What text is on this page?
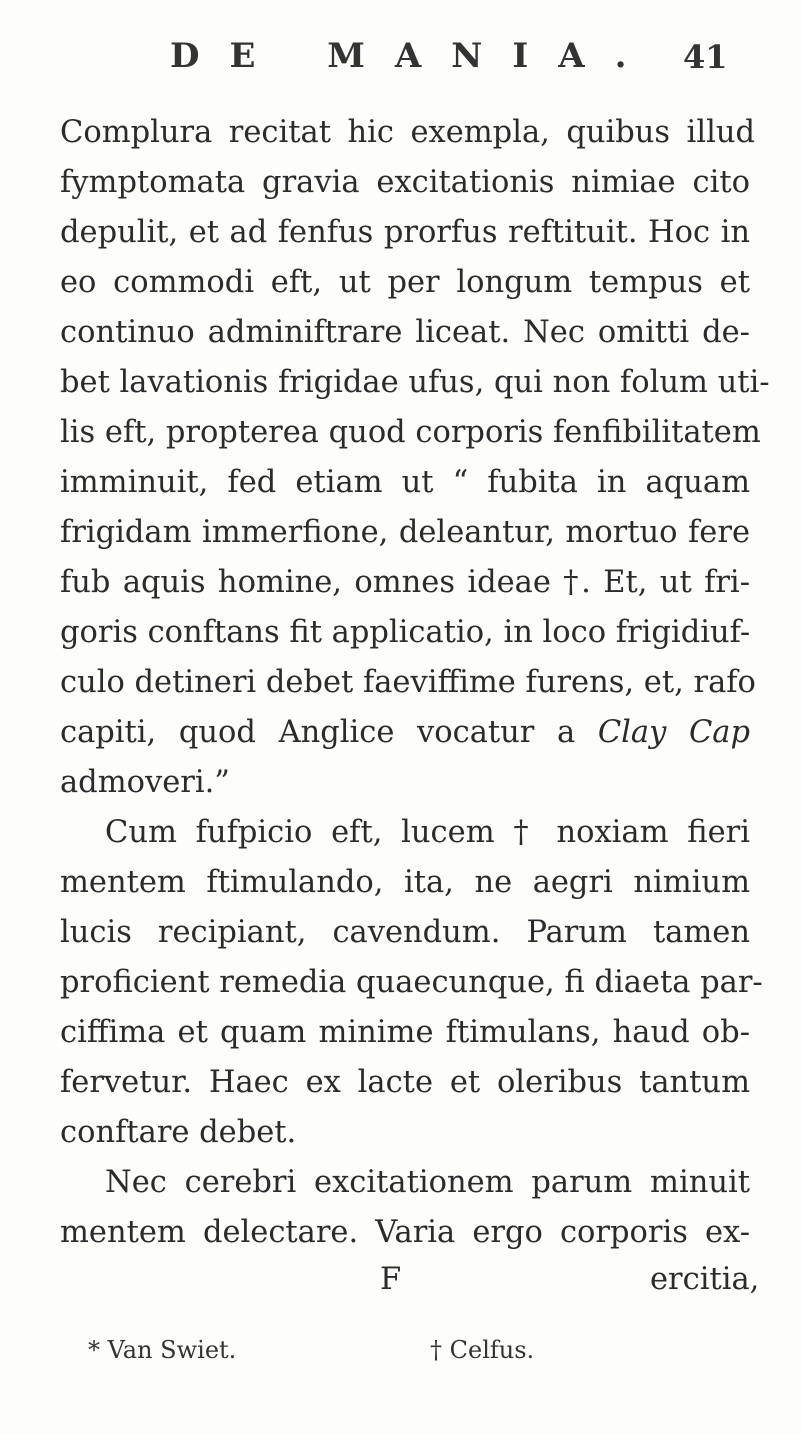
DE MANIA. 41
Complura recitat hic exempla, quibus illud
fymptomata gravia excitationis nimiae cito
depulit, et ad fenfus prorfus reftituit. Hoc in
eo commodi eft, ut per longum tempus et
continuo adminiftrare liceat. Nec omitti de-
bet lavationis frigidae ufus, qui non folum uti-
lis eft, propterea quod corporis fenfibilitatem
imminuit, fed etiam ut “ fubita in aquam
frigidam immerfione, deleantur, mortuo fere
fub aquis homine, omnes ideae †. Et, ut fri-
goris conftans fit applicatio, in loco frigidiuf-
culo detineri debet faeviffime furens, et, rafo
capiti, quod Anglice vocatur a Clay Cap
admoveri.”
Cum fufpicio eft, lucem † noxiam fieri
mentem ftimulando, ita, ne aegri nimium
lucis recipiant, cavendum. Parum tamen
proficient remedia quaecunque, fi diaeta par-
ciffima et quam minime ftimulans, haud ob-
fervetur. Haec ex lacte et oleribus tantum
conftare debet.
Nec cerebri excitationem parum minuit
mentem delectare. Varia ergo corporis ex-
F	ercitia,
* Van Swiet.	† Celfus.
